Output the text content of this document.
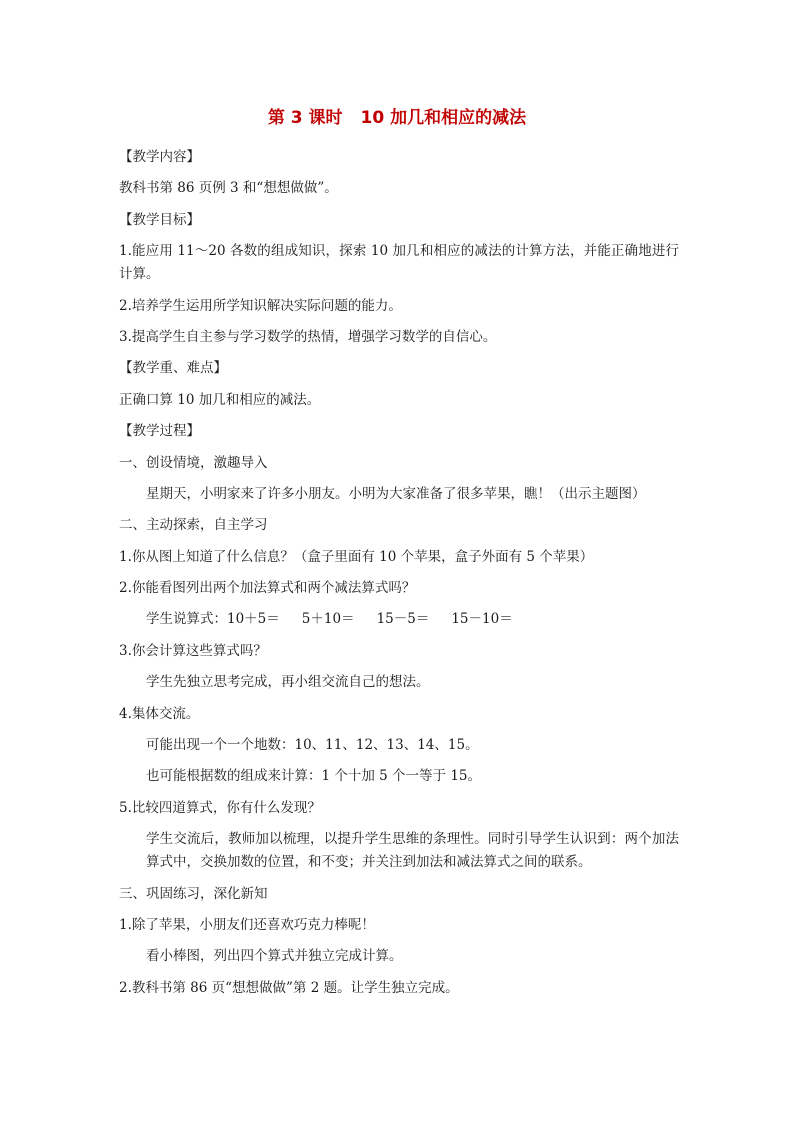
第 3 课时 10 加几和相应的减法

【教学内容】

教科书第 86 页例 3 和“想想做做”。

【教学目标】

1.能应用 11～20 各数的组成知识，探索 10 加几和相应的减法的计算方法，并能正确地进行计算。

2.培养学生运用所学知识解决实际问题的能力。

3.提高学生自主参与学习数学的热情，增强学习数学的自信心。

【教学重、难点】

正确口算 10 加几和相应的减法。

【教学过程】

一、创设情境，激趣导入

星期天，小明家来了许多小朋友。小明为大家准备了很多苹果，瞧！（出示主题图）

二、主动探索，自主学习

1.你从图上知道了什么信息？（盒子里面有 10 个苹果，盒子外面有 5 个苹果）

2.你能看图列出两个加法算式和两个减法算式吗？

学生说算式：10＋5＝ 5＋10＝ 15－5＝ 15－10＝

3.你会计算这些算式吗？

学生先独立思考完成，再小组交流自己的想法。

4.集体交流。

可能出现一个一个地数：10、11、12、13、14、15。

也可能根据数的组成来计算：1 个十加 5 个一等于 15。

5.比较四道算式，你有什么发现？

学生交流后，教师加以梳理，以提升学生思维的条理性。同时引导学生认识到：两个加法算式中，交换加数的位置，和不变；并关注到加法和减法算式之间的联系。

三、巩固练习，深化新知

1.除了苹果，小朋友们还喜欢巧克力棒呢！

看小棒图，列出四个算式并独立完成计算。

2.教科书第 86 页“想想做做”第 2 题。让学生独立完成。
